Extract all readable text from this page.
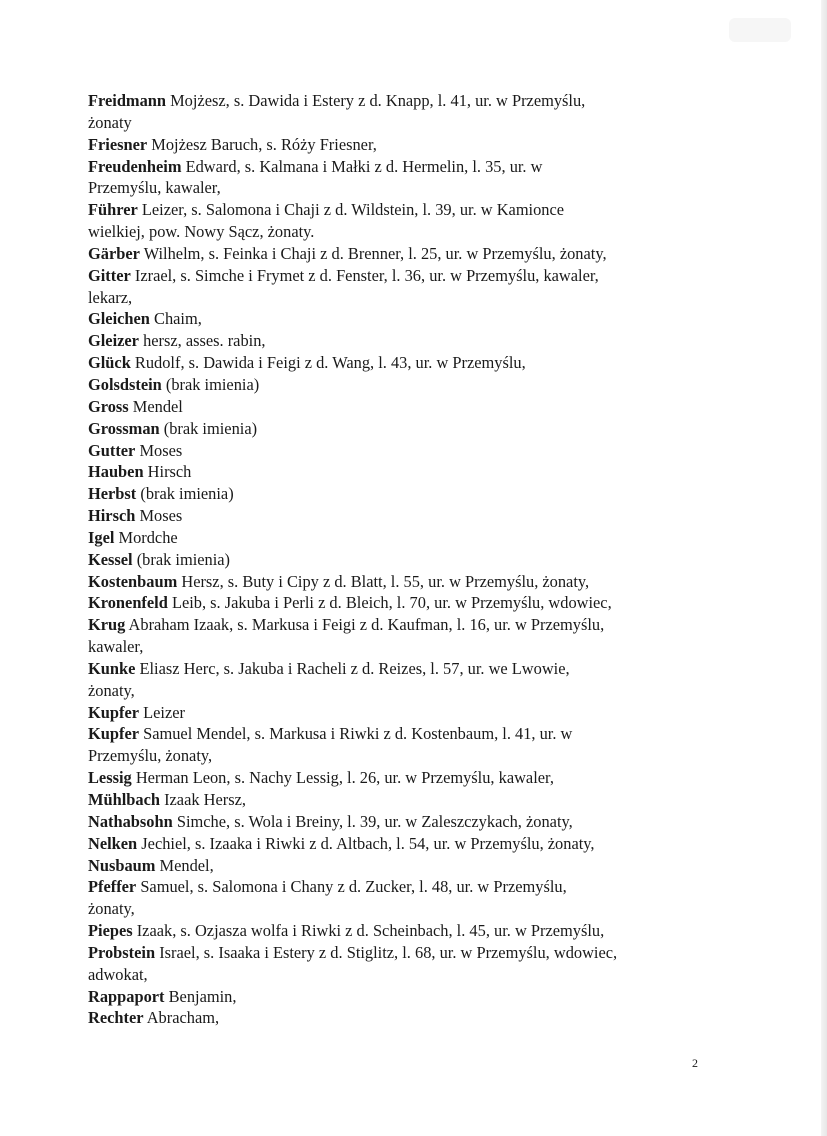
Freidmann Mojżesz, s. Dawida i Estery z d. Knapp, l. 41, ur. w Przemyślu,
żonaty
Friesner Mojżesz Baruch, s. Róży Friesner,
Freudenheim Edward, s. Kalmana i Małki z d. Hermelin, l. 35, ur. w
Przemyślu, kawaler,
Führer Leizer, s. Salomona i Chaji z d. Wildstein, l. 39, ur. w Kamionce
wielkiej, pow. Nowy Sącz, żonaty.
Gärber Wilhelm, s. Feinka i Chaji z d. Brenner, l. 25, ur. w Przemyślu, żonaty,
Gitter Izrael, s. Simche i Frymet z d. Fenster, l. 36, ur. w Przemyślu, kawaler,
lekarz,
Gleichen Chaim,
Gleizer hersz, asses. rabin,
Glück Rudolf, s. Dawida i Feigi z d. Wang, l. 43, ur. w Przemyślu,
Golsdstein (brak imienia)
Gross Mendel
Grossman (brak imienia)
Gutter Moses
Hauben Hirsch
Herbst (brak imienia)
Hirsch Moses
Igel Mordche
Kessel (brak imienia)
Kostenbaum Hersz, s. Buty i Cipy z d. Blatt, l. 55, ur. w Przemyślu, żonaty,
Kronenfeld Leib, s. Jakuba i Perli z d. Bleich, l. 70, ur. w Przemyślu, wdowiec,
Krug Abraham Izaak, s. Markusa i Feigi z d. Kaufman, l. 16, ur. w Przemyślu,
kawaler,
Kunke Eliasz Herc, s. Jakuba i Racheli z d. Reizes, l. 57, ur. we Lwowie,
żonaty,
Kupfer Leizer
Kupfer Samuel Mendel, s. Markusa i Riwki z d. Kostenbaum, l. 41, ur. w
Przemyślu, żonaty,
Lessig Herman Leon, s. Nachy Lessig, l. 26, ur. w Przemyślu, kawaler,
Mühlbach Izaak Hersz,
Nathabsohn Simche, s. Wola i Breiny, l. 39, ur. w Zaleszczykach, żonaty,
Nelken Jechiel, s. Izaaka i Riwki z d. Altbach, l. 54, ur. w Przemyślu, żonaty,
Nusbaum Mendel,
Pfeffer Samuel, s. Salomona i Chany z d. Zucker, l. 48, ur. w Przemyślu,
żonaty,
Piepes Izaak, s. Ozjasza wolfa i Riwki z d. Scheinbach, l. 45, ur. w Przemyślu,
Probstein Israel, s. Isaaka i Estery z d. Stiglitz, l. 68, ur. w Przemyślu, wdowiec,
adwokat,
Rappaport Benjamin,
Rechter Abracham,
2
